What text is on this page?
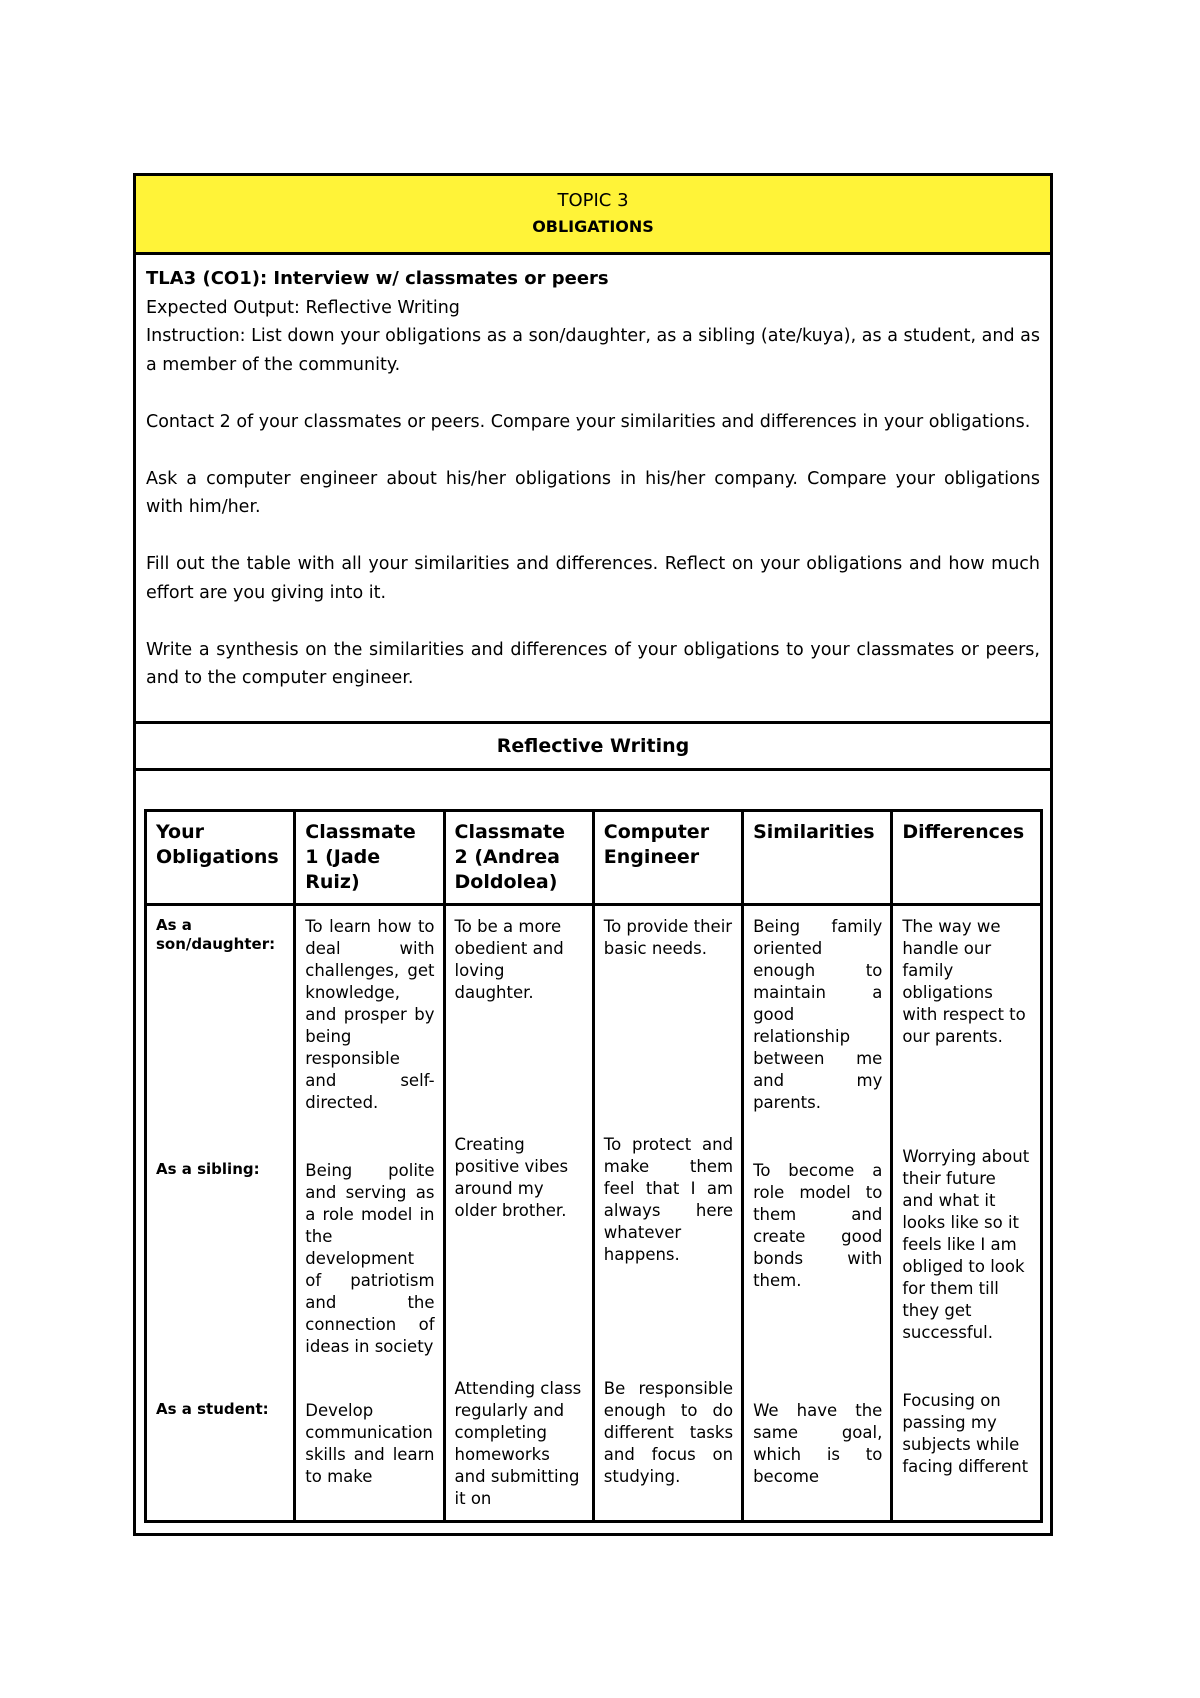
TOPIC 3
OBLIGATIONS

TLA3 (CO1): Interview w/ classmates or peers

Expected Output: Reflective Writing

Instruction: List down your obligations as a son/daughter, as a sibling (ate/kuya), as a student, and as a member of the community.

Contact 2 of your classmates or peers. Compare your similarities and differences in your obligations.

Ask a computer engineer about his/her obligations in his/her company. Compare your obligations with him/her.

Fill out the table with all your similarities and differences. Reflect on your obligations and how much effort are you giving into it.

Write a synthesis on the similarities and differences of your obligations to your classmates or peers, and to the computer engineer.

Reflective Writing
Your Obligations	Classmate 1 (Jade Ruiz)	Classmate 2 (Andrea Doldolea)	Computer Engineer	Similarities	Differences
As a son/daughter:	To learn how to deal with challenges, get knowledge, and prosper by being responsible and self-directed.	To be a more obedient and loving daughter.	To provide their basic needs.	Being family oriented enough to maintain a good relationship between me and my parents.	The way we handle our family obligations with respect to our parents.
As a sibling:	Being polite and serving as a role model in the development of patriotism and the connection of ideas in society	Creating positive vibes around my older brother.	To protect and make them feel that I am always here whatever happens.	To become a role model to them and create good bonds with them.	Worrying about their future and what it looks like so it feels like I am obliged to look for them till they get successful.
As a student:	Develop communication skills and learn to make	Attending class regularly and completing homeworks and submitting it on	Be responsible enough to do different tasks and focus on studying.	We have the same goal, which is to become	Focusing on passing my subjects while facing different
